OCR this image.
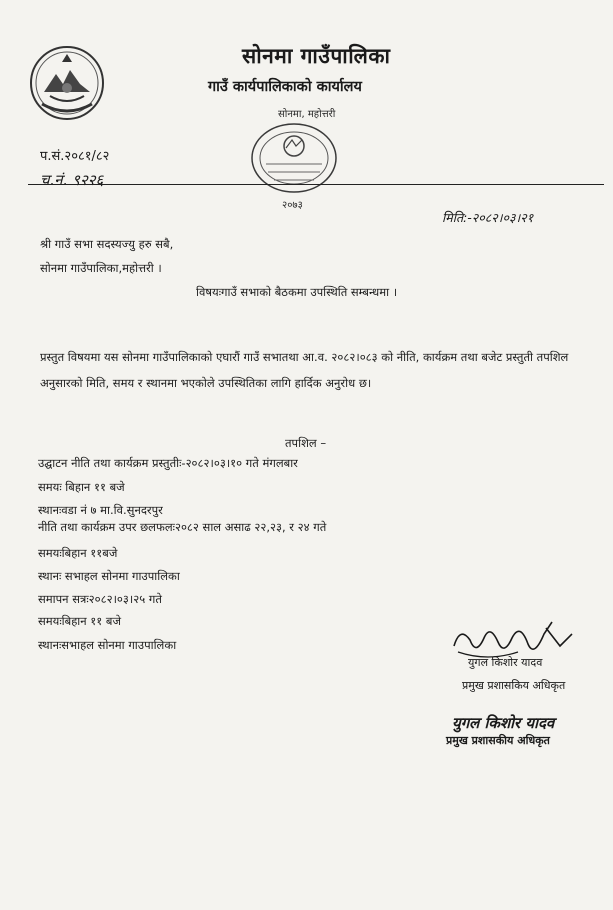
सोनमा गाउँपालिका
गाउँ कार्यपालिकाको कार्यालय
सोनमा, महोत्तरी
२०७३
प.सं.२०८१/८२
च.नं. ९२२६
मिति:-२०८२।०३।२१
श्री गाउँ सभा सदस्यज्यु हरु सबै,
सोनमा गाउँपालिका,महोत्तरी ।
विषयःगाउँ सभाको बैठकमा उपस्थिति सम्बन्धमा ।
प्रस्तुत विषयमा यस सोनमा गाउँपालिकाको एघारौं गाउँ सभातथा आ.व. २०८२।०८३ को नीति, कार्यक्रम तथा बजेट प्रस्तुती तपशिल अनुसारको मिति, समय र स्थानमा भएकोले उपस्थितिका लागि हार्दिक अनुरोध छ।
तपशिल –
उद्घाटन नीति तथा कार्यक्रम प्रस्तुतीः-२०८२।०३।१० गते मंगलबार
समयः बिहान ११ बजे
स्थानःवडा नं ७ मा.वि.सुनदरपुर
नीति तथा कार्यक्रम उपर छलफलः२०८२ साल असाढ २२,२३, र २४ गते
समयःबिहान ११बजे
स्थानः सभाहल सोनमा गाउपालिका
समापन सत्रः२०८२।०३।२५ गते
समयःबिहान ११ बजे
स्थानःसभाहल सोनमा गाउपालिका
युगल किशोर यादव
प्रमुख प्रशासकिय अधिकृत
युगल किशोर यादव
प्रमुख प्रशासकीय अधिकृत
